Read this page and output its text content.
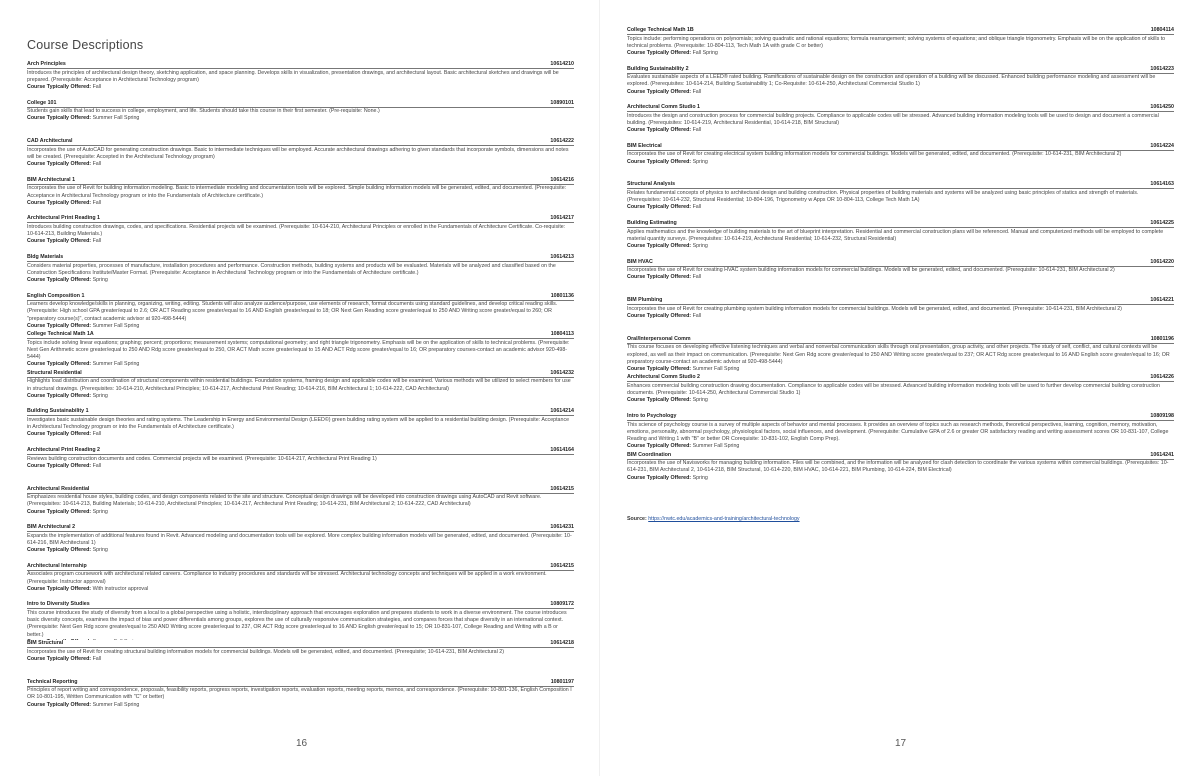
Course Descriptions
Arch Principles	10614210

Introduces the principles of architectural design theory, sketching application, and space planning. Develops skills in visualization, presentation drawings, and architectural layout. Basic architectural sketches and drawings will be prepared. (Prerequisite: Acceptance in Architectural Technology program)

Course Typically Offered: Fall

College 101	10890101

Students gain skills that lead to success in college, employment, and life. Students should take this course in their first semester. (Pre-requisite: None.)

Course Typically Offered: Summer Fall Spring

CAD Architectural	10614222

Incorporates the use of AutoCAD for generating construction drawings. Basic to intermediate techniques will be employed. Accurate architectural drawings adhering to given standards that incorporate symbols, dimensions and notes will be created. (Prerequisite: Accepted in the Architectural Technology program)

Course Typically Offered: Fall

BIM Architectural 1	10614216

Incorporates the use of Revit for building information modeling. Basic to intermediate modeling and documentation tools will be explored. Simple building information models will be generated, edited, and documented. (Prerequisite: Acceptance in Architectural Technology program or into the Fundamentals of Architecture certificate.)

Course Typically Offered: Fall

Architectural Print Reading 1	10614217

Introduces building construction drawings, codes, and specifications. Residential projects will be examined. (Prerequisite: 10-614-210, Architectural Principles or enrolled in the Fundamentals of Architecture Certificate. Co-requisite: 10-614-213, Building Materials.)

Course Typically Offered: Fall

Bldg Materials	10614213

Considers material properties, processes of manufacture, installation procedures and performance. Construction methods, building systems and products will be evaluated. Materials will be analyzed and classified based on the Construction Specifications Institute/Master Format. (Prerequisite: Acceptance in Architectural Technology program or into the Fundamentals of Architecture certificate.)

Course Typically Offered: Spring

English Composition 1	10801136

Learners develop knowledge/skills in planning, organizing, writing, editing. Students will also analyze audience/purpose, use elements of research, format documents using standard guidelines, and develop critical reading skills. (Prerequisite: High school GPA greater/equal to 2.6; OR ACT Reading score greater/equal to 16 AND English greater/equal to 18; OR Next Gen Reading score greater/equal to 250 AND Writing score greater/equal to 260; OR "preparatory course(s)", contact academic advisor at 920-498-5444)

Course Typically Offered: Summer Fall Spring

College Technical Math 1A	10804113

Topics include solving linear equations; graphing; percent; proportions; measurement systems; computational geometry; and right triangle trigonometry. Emphasis will be on the application of skills to technical problems. (Prerequisite: Next Gen Arithmetic score greater/equal to 250 AND Rdg score greater/equal to 250, OR ACT Math score greater/equal to 15 AND ACT Rdg score greater/equal to 16; OR preparatory courses-contact an academic advisor 920-498-5444)

Course Typically Offered: Summer Fall Spring

Structural Residential	10614232

Highlights load distribution and coordination of structural components within residential buildings. Foundation systems, framing design and applicable codes will be examined. Various methods will be utilized to select members for use in structural drawings. (Prerequisites: 10-614-210, Architectural Principles; 10-614-217, Architectural Print Reading; 10-614-216, BIM Architectural 1; 10-614-222, CAD Architectural)

Course Typically Offered: Spring

Building Sustainability 1	10614214

Investigates basic sustainable design theories and rating systems. The Leadership in Energy and Environmental Design (LEED©) green building rating system will be applied to a residential building design. (Prerequisite: Acceptance in Architectural Technology program or into the Fundamentals of Architecture certificate.)

Course Typically Offered: Fall

Architectural Print Reading 2	10614164

Reviews building construction documents and codes. Commercial projects will be examined. (Prerequisite: 10-614-217, Architectural Print Reading 1)

Course Typically Offered: Fall

Architectural Residential	10614215

Emphasizes residential house styles, building codes, and design components related to the site and structure. Conceptual design drawings will be developed into construction drawings using AutoCAD and Revit software. (Prerequisites: 10-614-213, Building Materials; 10-614-210, Architectural Principles; 10-614-217, Architectural Print Reading; 10-614-231, BIM Architectural 2; 10-614-222, CAD Architectural)

Course Typically Offered: Spring

BIM Architectural 2	10614231

Expands the implementation of additional features found in Revit. Advanced modeling and documentation tools will be explored. More complex building information models will be generated, edited, and documented. (Prerequisite: 10-614-216, BIM Architectural 1)

Course Typically Offered: Spring

Architectural Internship	10614215

Associates program coursework with architectural related careers. Compliance to industry procedures and standards will be stressed. Architectural technology concepts and techniques will be applied in a work environment. (Prerequisite: Instructor approval)

Course Typically Offered: With instructor approval

Intro to Diversity Studies	10809172

This course introduces the study of diversity from a local to a global perspective using a holistic, interdisciplinary approach that encourages exploration and prepares students to work in a diverse environment. The course introduces basic diversity concepts, examines the impact of bias and power differentials among groups, explores the use of culturally responsive communication strategies, and compares forces that shape diversity in an international context. (Prerequisite: Next Gen Rdg score greater/equal to 250 AND Writing score greater/equal to 237, OR ACT Rdg score greater/equal to 16 AND English greater/equal to 15; OR 10-831-107, College Reading and Writing with a B or better.)

BIM Structural	10614218

Incorporates the use of Revit for creating structural building information models for commercial buildings. Models will be generated, edited, and documented. (Prerequisite; 10-614-231, BIM Architectural 2)

Course Typically Offered: Fall

Technical Reporting	10801197

Principles of report writing and correspondence, proposals, feasibility reports, progress reports, investigation reports, evaluation reports, meeting reports, memos, and correspondence. (Prerequisite: 10-801-136, English Composition I OR 10-801-195, Written Communication with "C" or better)

Course Typically Offered: Summer Fall Spring

16
College Technical Math 1B	10804114

Topics include: performing operations on polynomials; solving quadratic and rational equations; formula rearrangement; solving systems of equations; and oblique triangle trigonometry. Emphasis will be on the application of skills to technical problems. (Prerequisite: 10-804-113, Tech Math 1A with grade C or better)

Course Typically Offered: Fall Spring

Building Sustainability 2	10614223

Evaluates sustainable aspects of a LEED® rated building. Ramifications of sustainable design on the construction and operation of a building will be discussed. Enhanced building performance modeling and assessment will be explored. (Prerequisites: 10-614-214, Building Sustainability 1; Co-Requisite: 10-614-250, Architectural Commercial Studio 1)

Course Typically Offered: Fall

Architectural Comm Studio 1	10614250

Introduces the design and construction process for commercial building projects. Compliance to applicable codes will be stressed. Advanced building information modeling tools will be used to design and document a commercial building. (Prerequisites: 10-614-219, Architectural Residential, 10-614-218, BIM Structural)

Course Typically Offered: Fall

BIM Electrical	10614224

Incorporates the use of Revit for creating electrical system building information models for commercial buildings. Models will be generated, edited, and documented. (Prerequisite: 10-614-231, BIM Architectural 2)

Course Typically Offered: Spring

Structural Analysis	10614163

Relates fundamental concepts of physics to architectural design and building construction. Physical properties of building materials and systems will be analyzed using basic principles of statics and strength of materials. (Prerequisites: 10-614-232, Structural Residential; 10-804-196, Trigonometry w Apps OR 10-804-113, College Tech Math 1A)

Course Typically Offered: Fall

Building Estimating	10614225

Applies mathematics and the knowledge of building materials to the art of blueprint interpretation. Residential and commercial construction plans will be referenced. Manual and computerized methods will be employed to complete material quantity surveys. (Prerequisites: 10-614-219, Architectural Residential; 10-614-232, Structural Residential)

Course Typically Offered: Spring

BIM HVAC	10614220

Incorporates the use of Revit for creating HVAC system building information models for commercial buildings. Models will be generated, edited, and documented. (Prerequisite: 10-614-231, BIM Architectural 2)

Course Typically Offered: Fall

BIM Plumbing	10614221

Incorporates the use of Revit for creating plumbing system building information models for commercial buildings. Models will be generated, edited, and documented. (Prerequisite: 10-614-231, BIM Architectural 2)

Course Typically Offered: Fall

Oral/Interpersonal Comm	10801196

This course focuses on developing effective listening techniques and verbal and nonverbal communication skills through oral presentation, group activity, and other projects. The study of self, conflict, and cultural contexts will be explored, as well as their impact on communication. (Prerequisite: Next Gen Rdg score greater/equal to 250 AND Writing score greater/equal to 237; OR ACT Rdg score greater/equal to 16 AND English score greater/equal to 16; OR preparatory course-contact an academic advisor at 920-498-5444)

Course Typically Offered: Summer Fall Spring

Architectural Comm Studio 2	10614226

Enhances commercial building construction drawing documentation. Compliance to applicable codes will be stressed. Advanced building information modeling tools will be used to further develop commercial building construction documents. (Prerequisite: 10-614-250, Architectural Commercial Studio 1)

Course Typically Offered: Spring

Intro to Psychology	10809198

This science of psychology course is a survey of multiple aspects of behavior and mental processes. It provides an overview of topics such as research methods, theoretical perspectives, learning, cognition, memory, motivation, emotions, personality, abnormal psychology, physiological factors, social influences, and development. (Prerequisite: Cumulative GPA of 2.6 or greater OR satisfactory reading and writing assessment scores OR 10-831-107, College Reading and Writing 1 with "B" or better OR Corequisite: 10-831-102, English Comp Prep).

Course Typically Offered: Summer Fall Spring

BIM Coordination	10614241

Incorporates the use of Navisworks for managing building information. Files will be combined, and the information will be analyzed for clash detection to coordinate the various systems within commercial buildings. (Prerequisites: 10-614-231, BIM Architectural 2, 10-614-218, BIM Structural, 10-614-220, BIM HVAC, 10-614-221, BIM Plumbing, 10-614-224, BIM Electrical)

Course Typically Offered: Spring

Source: https://nwtc.edu/academics-and-training/architectural-technology
17
